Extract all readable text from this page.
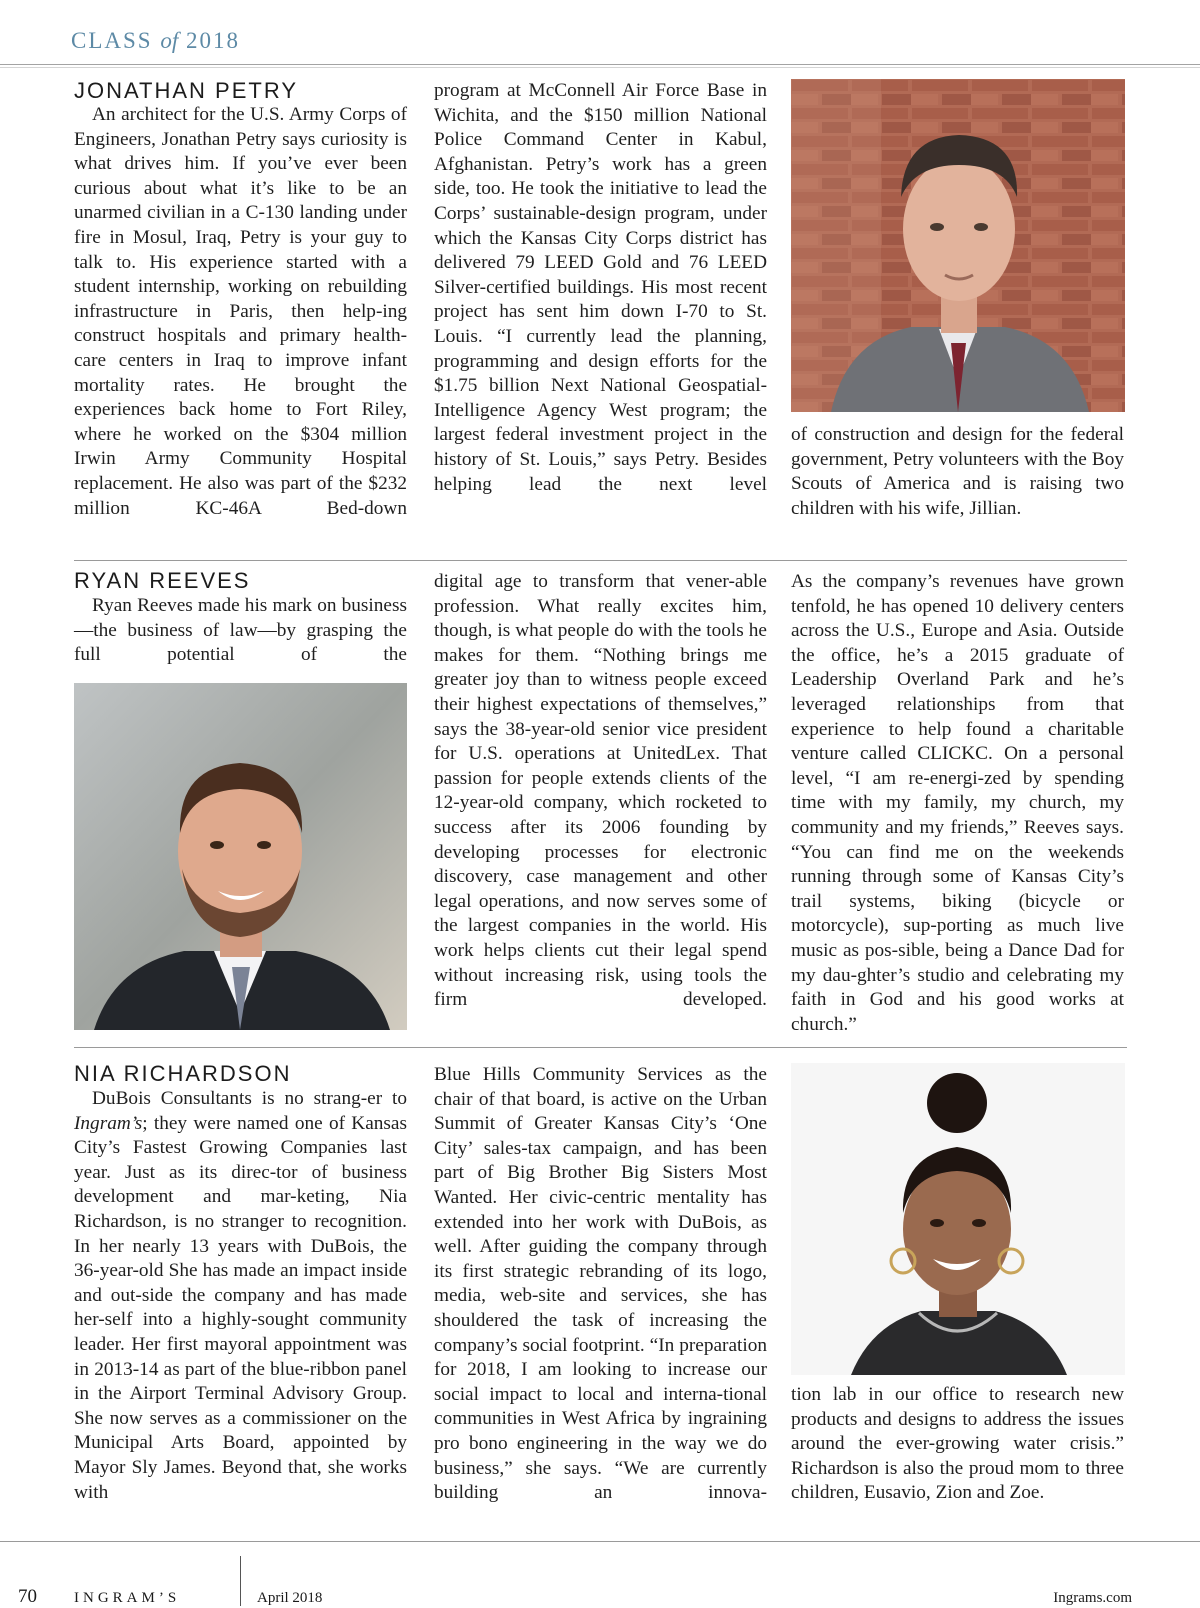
CLASS of 2018
JONATHAN PETRY

An architect for the U.S. Army Corps of Engineers, Jonathan Petry says curiosity is what drives him. If you’ve ever been curious about what it’s like to be an unarmed civilian in a C-130 landing under fire in Mosul, Iraq, Petry is your guy to talk to. His experience started with a student internship, working on rebuilding infrastructure in Paris, then help-ing construct hospitals and primary health-care centers in Iraq to improve infant mortality rates. He brought the experiences back home to Fort Riley, where he worked on the $304 million Irwin Army Community Hospital replacement. He also was part of the $232 million KC-46A Bed-down

program at McConnell Air Force Base in Wichita, and the $150 million National Police Command Center in Kabul, Afghanistan. Petry’s work has a green side, too. He took the initiative to lead the Corps’ sustainable-design program, under which the Kansas City Corps district has delivered 79 LEED Gold and 76 LEED Silver-certified buildings. His most recent project has sent him down I-70 to St. Louis. “I currently lead the planning, programming and design efforts for the $1.75 billion Next National Geospatial-Intelligence Agency West program; the largest federal investment project in the history of St. Louis,” says Petry. Besides helping lead the next level

of construction and design for the federal government, Petry volunteers with the Boy Scouts of America and is raising two children with his wife, Jillian.

RYAN REEVES

Ryan Reeves made his mark on business—the business of law—by grasping the full potential of the

digital age to transform that vener-able profession. What really excites him, though, is what people do with the tools he makes for them. “Nothing brings me greater joy than to witness people exceed their highest expectations of themselves,” says the 38-year-old senior vice president for U.S. operations at UnitedLex. That passion for people extends clients of the 12-year-old company, which rocketed to success after its 2006 founding by developing processes for electronic discovery, case management and other legal operations, and now serves some of the largest companies in the world. His work helps clients cut their legal spend without increasing risk, using tools the firm developed.

As the company’s revenues have grown tenfold, he has opened 10 delivery centers across the U.S., Europe and Asia. Outside the office, he’s a 2015 graduate of Leadership Overland Park and he’s leveraged relationships from that experience to help found a charitable venture called CLICKC. On a personal level, “I am re-energi-zed by spending time with my family, my church, my community and my friends,” Reeves says. “You can find me on the weekends running through some of Kansas City’s trail systems, biking (bicycle or motorcycle), sup-porting as much live music as pos-sible, being a Dance Dad for my dau-ghter’s studio and celebrating my faith in God and his good works at church.”

NIA RICHARDSON

DuBois Consultants is no strang-er to Ingram’s; they were named one of Kansas City’s Fastest Growing Companies last year. Just as its direc-tor of business development and mar-keting, Nia Richardson, is no stranger to recognition. In her nearly 13 years with DuBois, the 36-year-old She has made an impact inside and out-side the company and has made her-self into a highly-sought community leader. Her first mayoral appointment was in 2013-14 as part of the blue-ribbon panel in the Airport Terminal Advisory Group. She now serves as a commissioner on the Municipal Arts Board, appointed by Mayor Sly James. Beyond that, she works with

Blue Hills Community Services as the chair of that board, is active on the Urban Summit of Greater Kansas City’s ‘One City’ sales-tax campaign, and has been part of Big Brother Big Sisters Most Wanted. Her civic-centric mentality has extended into her work with DuBois, as well. After guiding the company through its first strategic rebranding of its logo, media, web-site and services, she has shouldered the task of increasing the company’s social footprint. “In preparation for 2018, I am looking to increase our social impact to local and interna-tional communities in West Africa by ingraining pro bono engineering in the way we do business,” she says. “We are currently building an innova-

tion lab in our office to research new products and designs to address the issues around the ever-growing water crisis.” Richardson is also the proud mom to three children, Eusavio, Zion and Zoe.

70 INGRAM’S	April 2018	Ingrams.com
